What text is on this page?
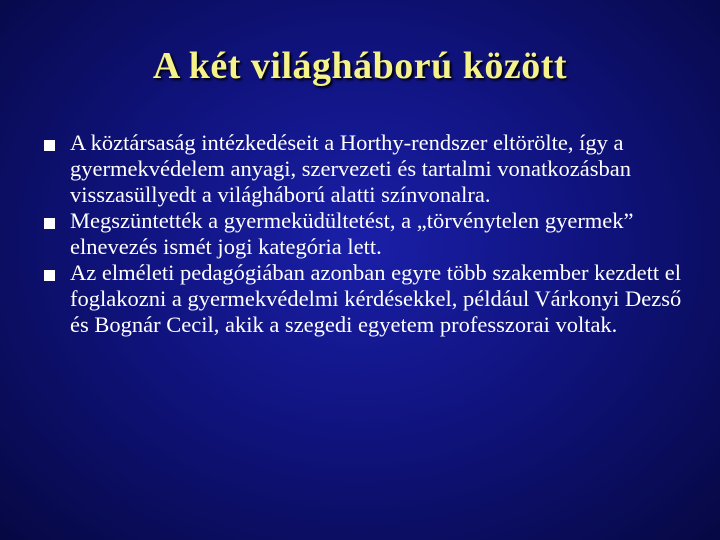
A két világháború között
A köztársaság intézkedéseit a Horthy-rendszer eltörölte, így a gyermekvédelem anyagi, szervezeti és tartalmi vonatkozásban visszasüllyedt a világháború alatti színvonalra.
Megszüntették a gyermeküdültetést, a „törvénytelen gyermek” elnevezés ismét jogi kategória lett.
Az elméleti pedagógiában azonban egyre több szakember kezdett el foglakozni a gyermekvédelmi kérdésekkel, például Várkonyi Dezső és Bognár Cecil, akik a szegedi egyetem professzorai voltak.
